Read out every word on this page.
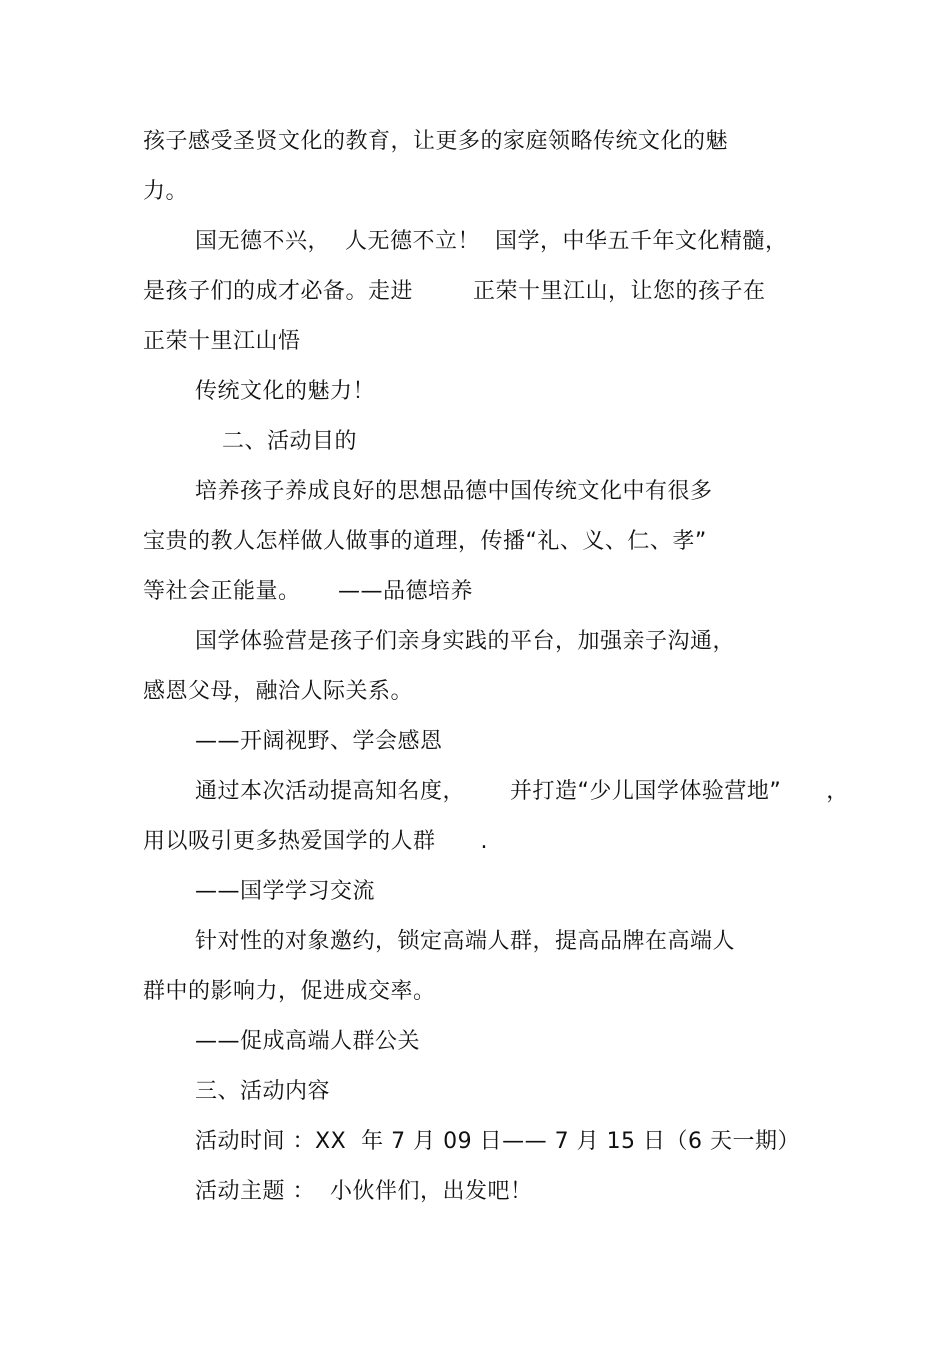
孩子感受圣贤文化的教育，让更多的家庭领略传统文化的魅
力。
国无德不兴，  人无德不立！  国学，中华五千年文化精髓，
是孩子们的成才必备。走进        正荣十里江山，让您的孩子在
正荣十里江山悟
传统文化的魅力！
二、活动目的
培养孩子养成良好的思想品德中国传统文化中有很多
宝贵的教人怎样做人做事的道理，传播“礼、义、仁、孝”
等社会正能量。     ——品德培养
国学体验营是孩子们亲身实践的平台，加强亲子沟通，
感恩父母，融洽人际关系。
——开阔视野、学会感恩
通过本次活动提高知名度，      并打造“少儿国学体验营地”      ，
用以吸引更多热爱国学的人群      .
——国学学习交流
针对性的对象邀约，锁定高端人群，提高品牌在高端人
群中的影响力，促进成交率。
——促成高端人群公关
三、活动内容
活动时间 ：XX  年 7 月 09 日—— 7 月 15 日（6 天一期）
活动主题 ：  小伙伴们，出发吧！
